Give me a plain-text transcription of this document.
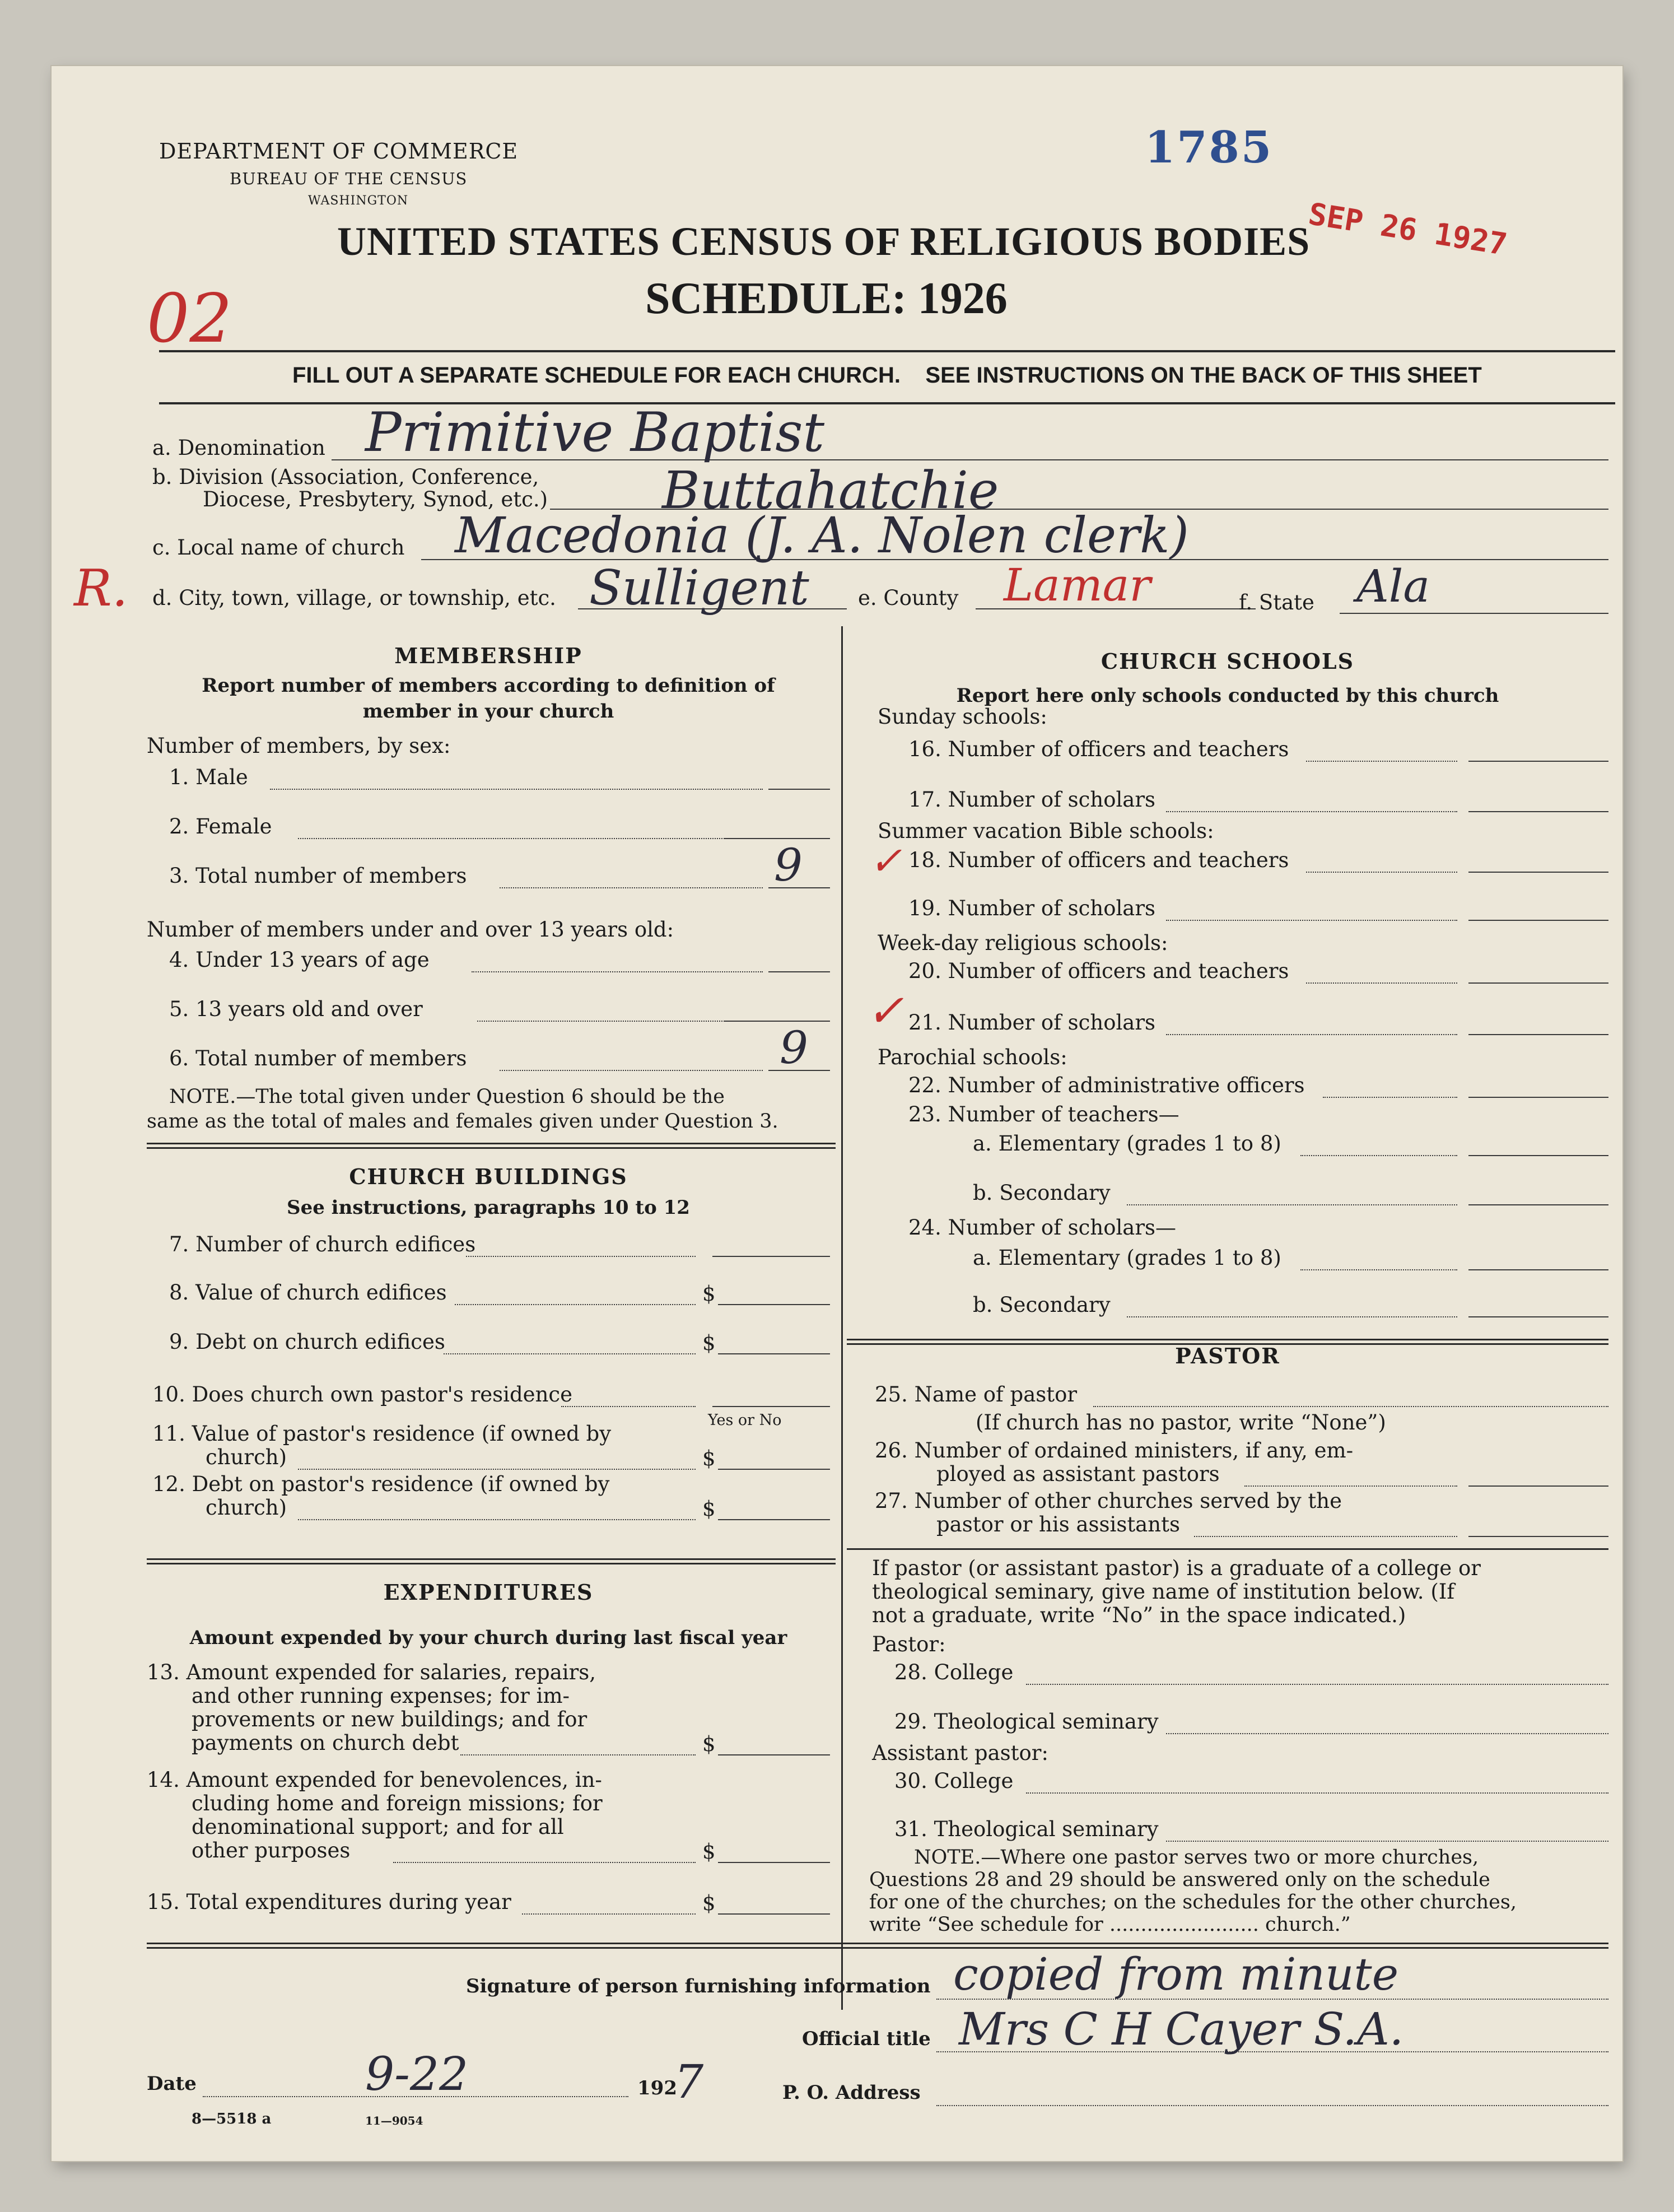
DEPARTMENT OF COMMERCE
BUREAU OF THE CENSUS
WASHINGTON
1785
SEP 26 1927
UNITED STATES CENSUS OF RELIGIOUS BODIES
SCHEDULE: 1926
02
FILL OUT A SEPARATE SCHEDULE FOR EACH CHURCH.    SEE INSTRUCTIONS ON THE BACK OF THIS SHEET
a. Denomination Primitive Baptist
b. Division (Association, Conference,
Diocese, Presbytery, Synod, etc.) Buttahatchie
c. Local name of church Macedonia (J. A. Nolen clerk)
R. d. City, town, village, or township, etc. Sulligent e. County Lamar	f. State Ala
MEMBERSHIP
Report number of members according to definition of
member in your church
Number of members, by sex:
1. Male
2. Female
3. Total number of members	9
Number of members under and over 13 years old:
4. Under 13 years of age
5. 13 years old and over
6. Total number of members	9
NOTE.—The total given under Question 6 should be the
same as the total of males and females given under Question 3.
CHURCH BUILDINGS
See instructions, paragraphs 10 to 12
7. Number of church edifices
8. Value of church edifices	$
9. Debt on church edifices	$
10. Does church own pastor's residence
Yes or No
11. Value of pastor's residence (if owned by
church)	$
12. Debt on pastor's residence (if owned by
church)	$
EXPENDITURES
Amount expended by your church during last fiscal year
13. Amount expended for salaries, repairs,
and other running expenses; for im-
provements or new buildings; and for
payments on church debt	$
14. Amount expended for benevolences, in-
cluding home and foreign missions; for
denominational support; and for all
other purposes	$
15. Total expenditures during year	$
CHURCH SCHOOLS
Report here only schools conducted by this church
Sunday schools:
16. Number of officers and teachers
17. Number of scholars
Summer vacation Bible schools:
✓ 18. Number of officers and teachers
19. Number of scholars
Week-day religious schools:
20. Number of officers and teachers
✓ 21. Number of scholars
Parochial schools:
22. Number of administrative officers
23. Number of teachers—
a. Elementary (grades 1 to 8)
b. Secondary
24. Number of scholars—
a. Elementary (grades 1 to 8)
b. Secondary
PASTOR
25. Name of pastor
(If church has no pastor, write “None”)
26. Number of ordained ministers, if any, em-
ployed as assistant pastors
27. Number of other churches served by the
pastor or his assistants
If pastor (or assistant pastor) is a graduate of a college or
theological seminary, give name of institution below. (If
not a graduate, write “No” in the space indicated.)
Pastor:
28. College
29. Theological seminary
Assistant pastor:
30. College
31. Theological seminary
NOTE.—Where one pastor serves two or more churches,
Questions 28 and 29 should be answered only on the schedule
for one of the churches; on the schedules for the other churches,
write “See schedule for ........................ church.”
Signature of person furnishing information copied from minute
Official title Mrs C H Cayer S.A.
Date	9-22	192
7	P. O. Address
8—5518 a	11—9054
